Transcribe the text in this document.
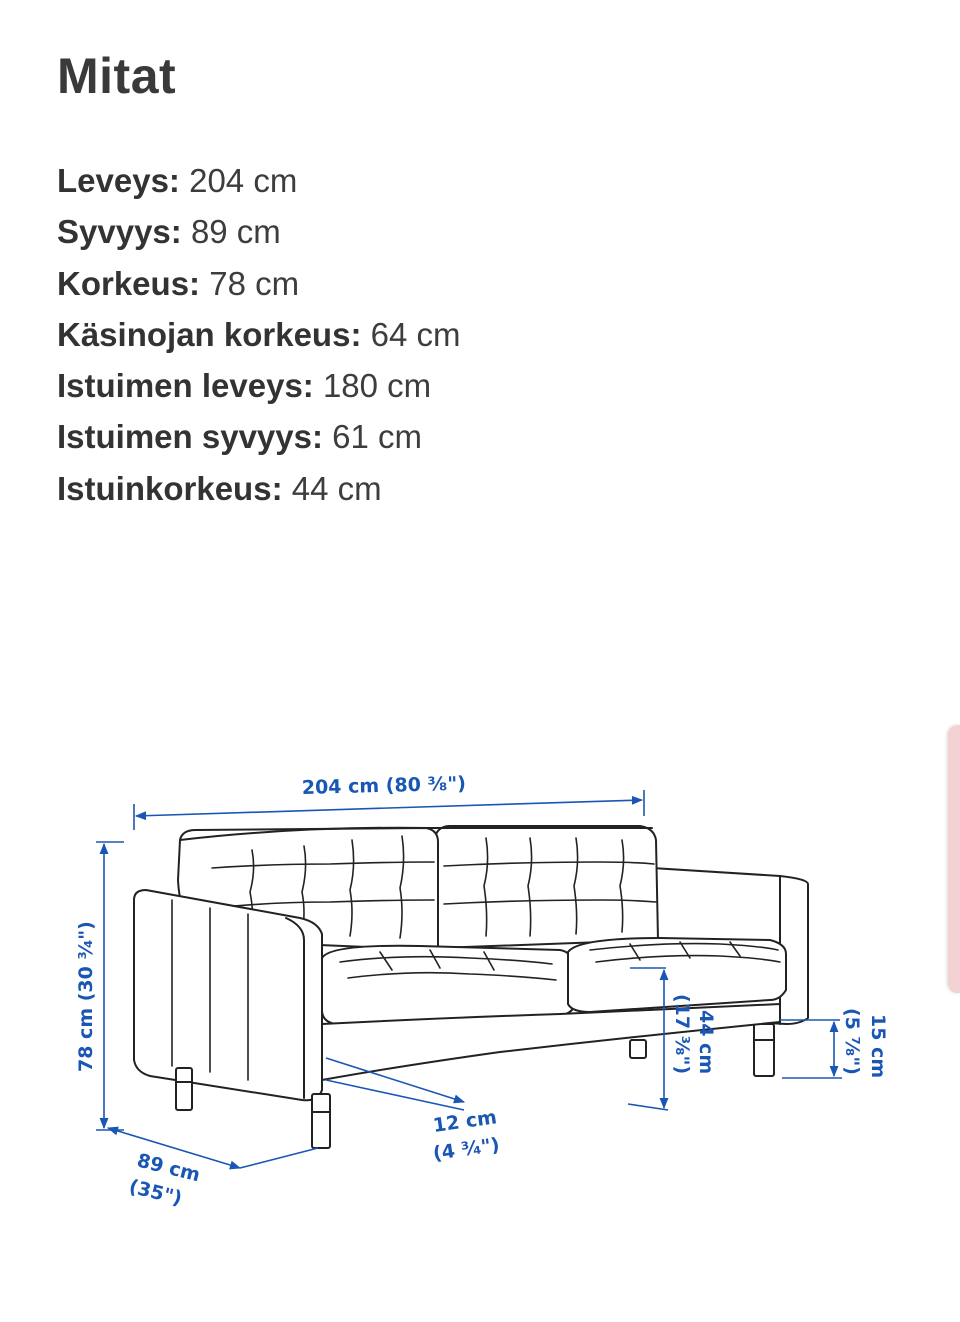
Mitat
Leveys: 204 cm
Syvyys: 89 cm
Korkeus: 78 cm
Käsinojan korkeus: 64 cm
Istuimen leveys: 180 cm
Istuimen syvyys: 61 cm
Istuinkorkeus: 44 cm
204 cm (80 ³⁄₈")
78 cm (30 ³⁄₄")
89 cm
(35")
12 cm
(4 ³⁄₄")
44 cm
(17 ³⁄₈")	15 cm
(5 ⁷⁄₈")
